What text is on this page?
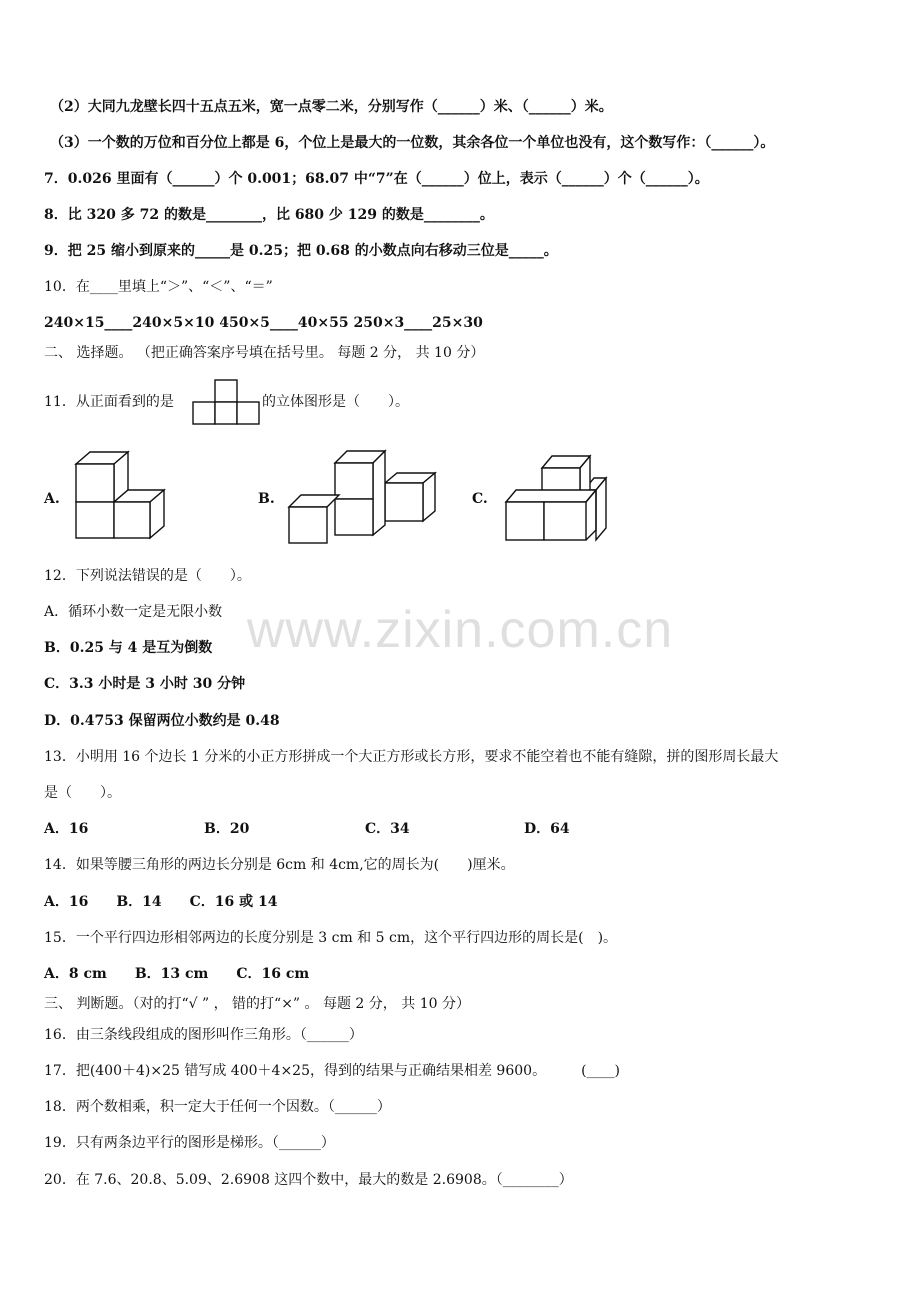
www.zixin.com.cn
（2）大同九龙壁长四十五点五米，宽一点零二米，分别写作（______）米、（______）米。
（3）一个数的万位和百分位上都是 6，个位上是最大的一位数，其余各位一个单位也没有，这个数写作：（______）。
7．0.026 里面有（______）个 0.001；68.07 中“7”在（______）位上，表示（______）个（______）。
8．比 320 多 72 的数是________，比 680 少 129 的数是________。
9．把 25 缩小到原来的_____是 0.25；把 0.68 的小数点向右移动三位是_____。
10．在____里填上“＞”、“＜”、“＝”
240×15____240×5×10 450×5____40×55 250×3____25×30
二、 选择题。 （把正确答案序号填在括号里。 每题 2 分， 共 10 分）
11．从正面看到的是	的立体图形是（　　）。
A.	B.	C.
12．下列说法错误的是（　　）。
A．循环小数一定是无限小数
B．0.25 与 4 是互为倒数
C．3.3 小时是 3 小时 30 分钟
D．0.4753 保留两位小数约是 0.48
13．小明用 16 个边长 1 分米的小正方形拼成一个大正方形或长方形，要求不能空着也不能有缝隙，拼的图形周长最大
是（　　）。
A．16	B．20	C．34	D．64
14．如果等腰三角形的两边长分别是 6cm 和 4cm,它的周长为(　　)厘米。
A．16　　B．14　　C．16 或 14
15．一个平行四边形相邻两边的长度分别是 3 cm 和 5 cm，这个平行四边形的周长是(　)。
A．8 cm　　B．13 cm　　C．16 cm
三、 判断题。（对的打“√ ” ， 错的打“×” 。 每题 2 分， 共 10 分）
16．由三条线段组成的图形叫作三角形。（______）
17．把(400＋4)×25 错写成 400＋4×25，得到的结果与正确结果相差 9600。　　　(____)
18．两个数相乘，积一定大于任何一个因数。（______）
19．只有两条边平行的图形是梯形。（______）
20．在 7.6、20.8、5.09、2.6908 这四个数中，最大的数是 2.6908。（________）
